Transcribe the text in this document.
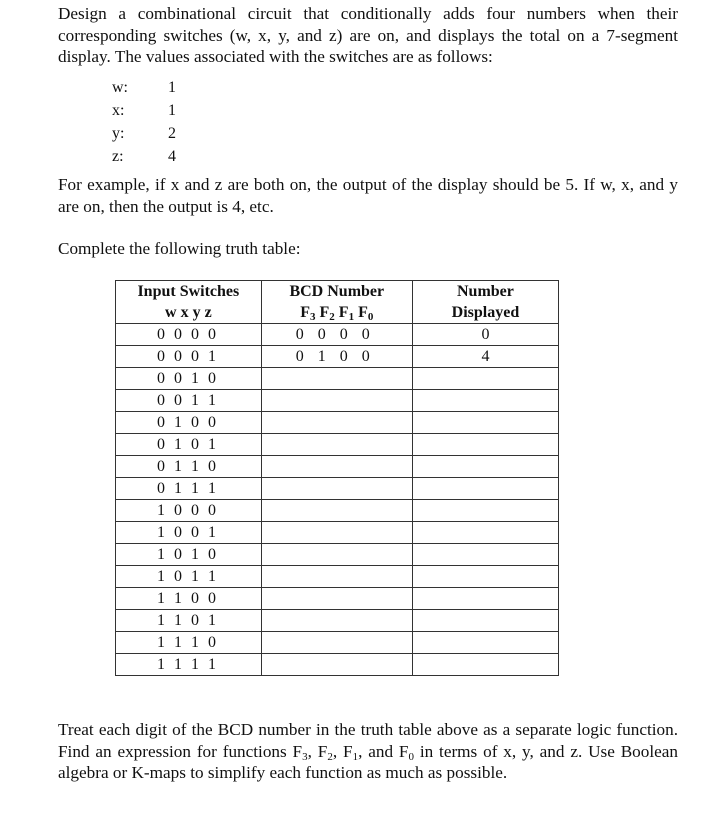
Design a combinational circuit that conditionally adds four numbers when their corresponding switches (w, x, y, and z) are on, and displays the total on a 7-segment display. The values associated with the switches are as follows:

w:	1
x:	1
y:	2
z:	4

For example, if x and z are both on, the output of the display should be 5. If w, x, and y are on, then the output is 4, etc.

Complete the following truth table:

Input Switches	BCD Number	Number
w x y z	$F_3$ $F_2$ $F_1$ $F_0$	Displayed
0 0 0 0	0 0 0 0	0
0 0 0 1	0 1 0 0	4
0 0 1 0		
0 0 1 1		
0 1 0 0		
0 1 0 1		
0 1 1 0		
0 1 1 1		
1 0 0 0		
1 0 0 1		
1 0 1 0		
1 0 1 1		
1 1 0 0		
1 1 0 1		
1 1 1 0		
1 1 1 1		

Treat each digit of the BCD number in the truth table above as a separate logic function. Find an expression for functions $F_3$, $F_2$, $F_1$, and $F_0$ in terms of x, y, and z. Use Boolean algebra or K-maps to simplify each function as much as possible.
